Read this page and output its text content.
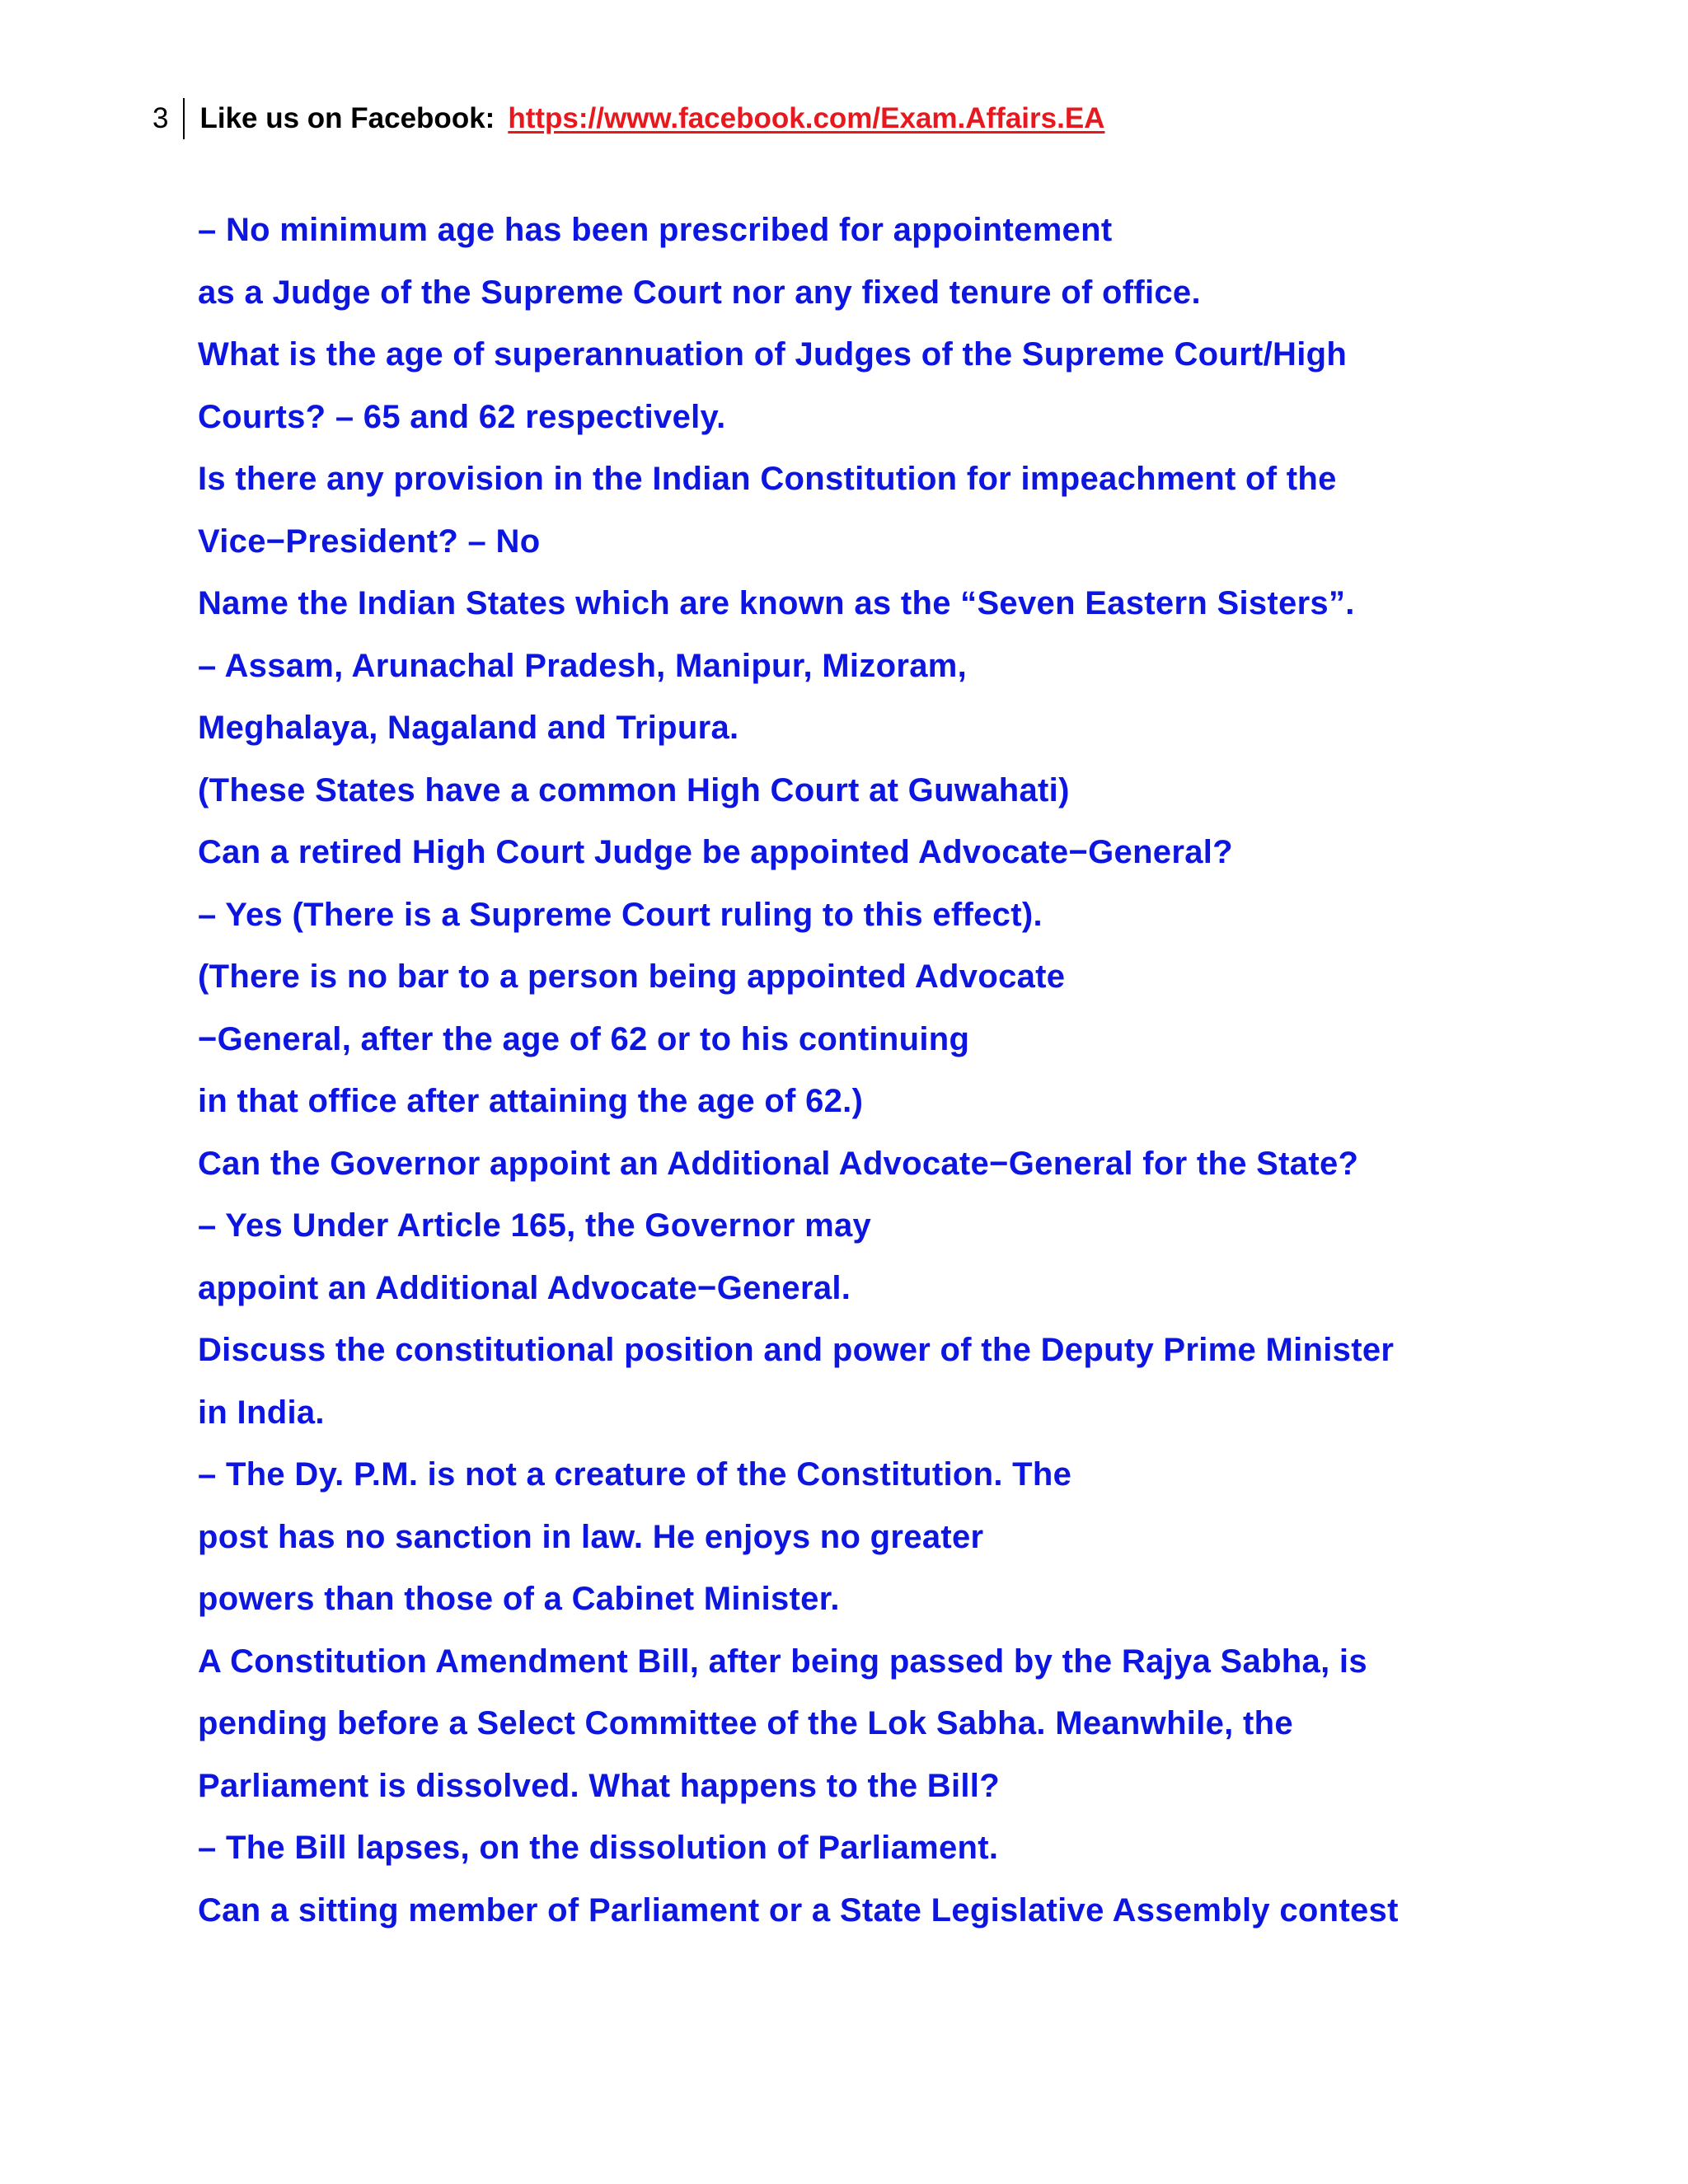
3	Like us on Facebook: https://www.facebook.com/Exam.Affairs.EA
– No minimum age has been prescribed for appointement
as a Judge of the Supreme Court nor any fixed tenure of office.
What is the age of superannuation of Judges of the Supreme Court/High
Courts? – 65 and 62 respectively.
Is there any provision in the Indian Constitution for impeachment of the
Vice−President? – No
Name the Indian States which are known as the “Seven Eastern Sisters”.
– Assam, Arunachal Pradesh, Manipur, Mizoram,
Meghalaya, Nagaland and Tripura.
(These States have a common High Court at Guwahati)
Can a retired High Court Judge be appointed Advocate−General?
– Yes (There is a Supreme Court ruling to this effect).
(There is no bar to a person being appointed Advocate
−General, after the age of 62 or to his continuing
in that office after attaining the age of 62.)
Can the Governor appoint an Additional Advocate−General for the State?
– Yes Under Article 165, the Governor may
appoint an Additional Advocate−General.
Discuss the constitutional position and power of the Deputy Prime Minister
in India.
– The Dy. P.M. is not a creature of the Constitution. The
post has no sanction in law. He enjoys no greater
powers than those of a Cabinet Minister.
A Constitution Amendment Bill, after being passed by the Rajya Sabha, is
pending before a Select Committee of the Lok Sabha. Meanwhile, the
Parliament is dissolved. What happens to the Bill?
– The Bill lapses, on the dissolution of Parliament.
Can a sitting member of Parliament or a State Legislative Assembly contest
